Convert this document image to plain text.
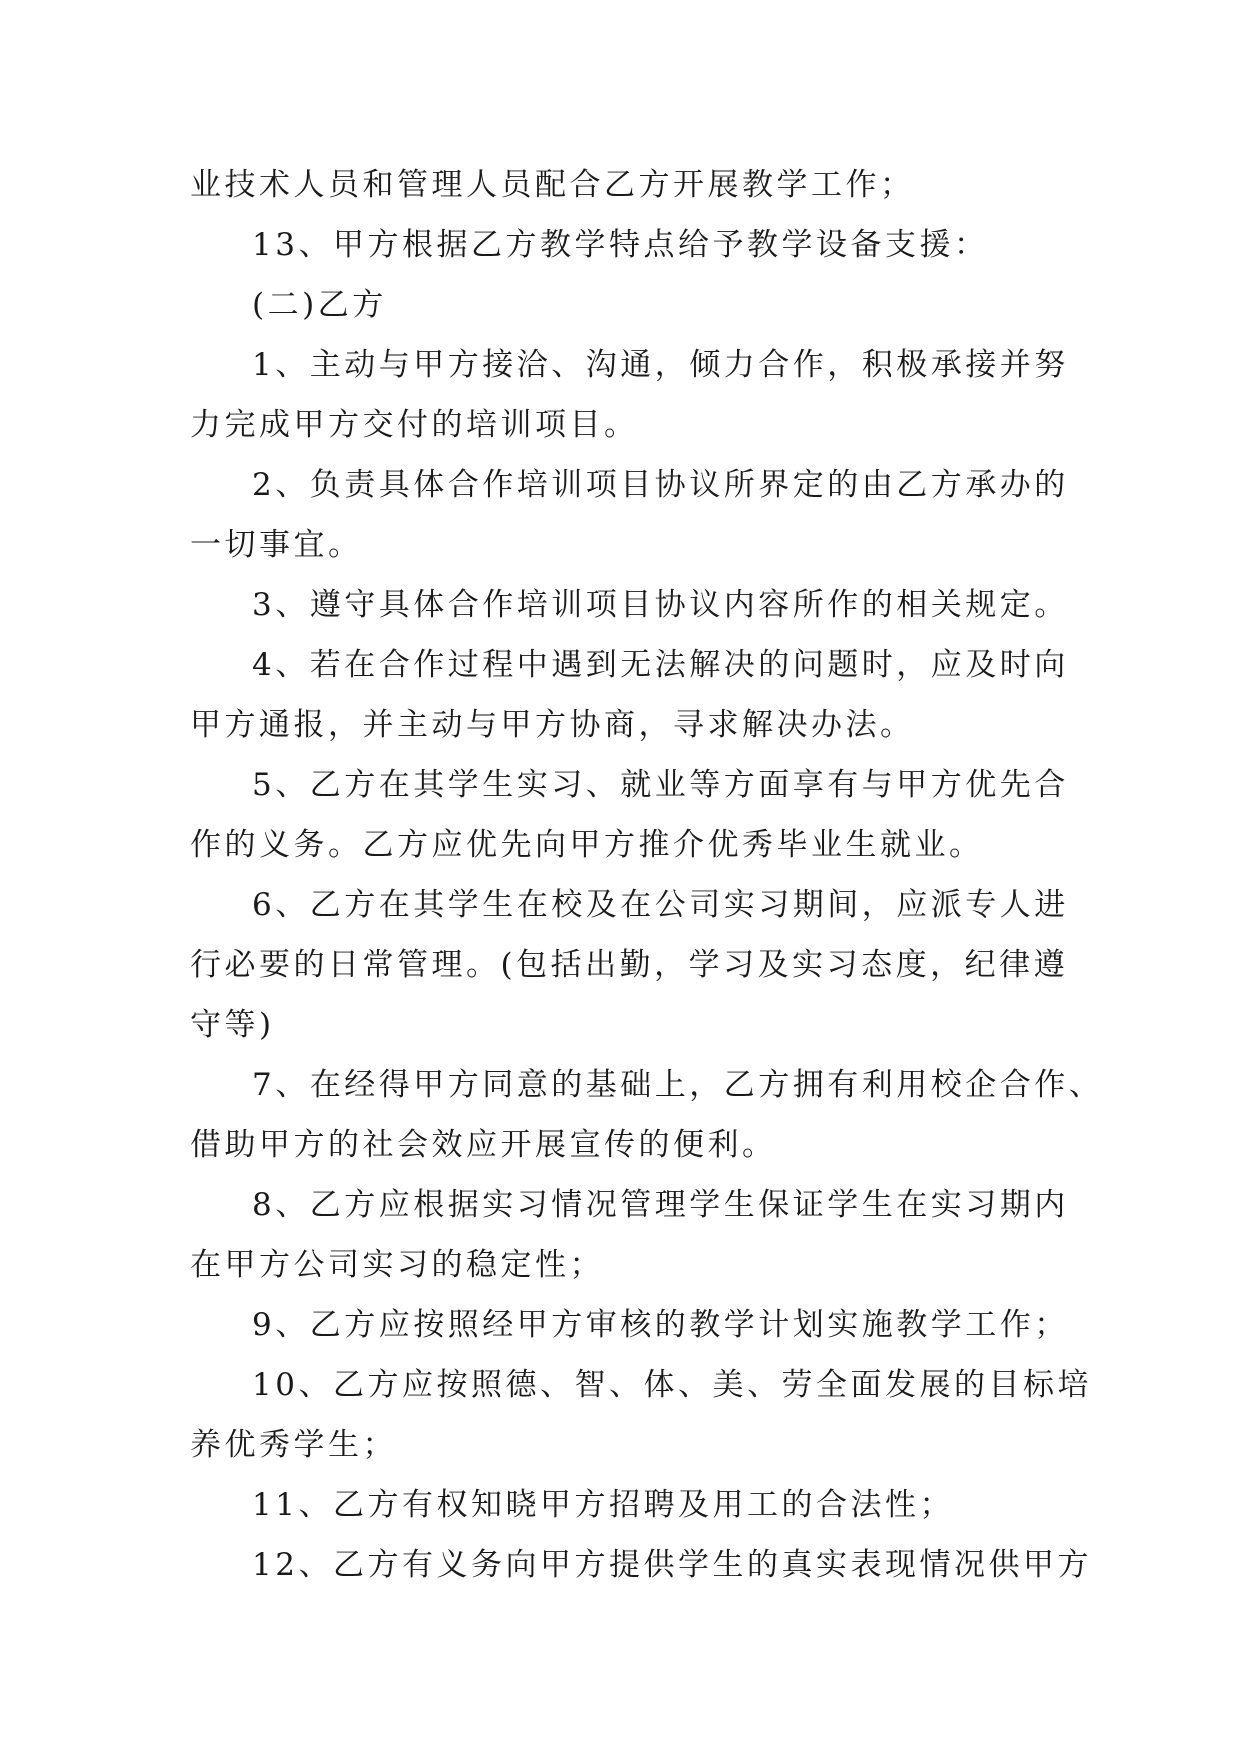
业技术人员和管理人员配合乙方开展教学工作；
13、甲方根据乙方教学特点给予教学设备支援：
(二)乙方
1、主动与甲方接洽、沟通，倾力合作，积极承接并努
力完成甲方交付的培训项目。
2、负责具体合作培训项目协议所界定的由乙方承办的
一切事宜。
3、遵守具体合作培训项目协议内容所作的相关规定。
4、若在合作过程中遇到无法解决的问题时，应及时向
甲方通报，并主动与甲方协商，寻求解决办法。
5、乙方在其学生实习、就业等方面享有与甲方优先合
作的义务。乙方应优先向甲方推介优秀毕业生就业。
6、乙方在其学生在校及在公司实习期间，应派专人进
行必要的日常管理。(包括出勤，学习及实习态度，纪律遵
守等)
7、在经得甲方同意的基础上，乙方拥有利用校企合作、
借助甲方的社会效应开展宣传的便利。
8、乙方应根据实习情况管理学生保证学生在实习期内
在甲方公司实习的稳定性；
9、乙方应按照经甲方审核的教学计划实施教学工作；
10、乙方应按照德、智、体、美、劳全面发展的目标培
养优秀学生；
11、乙方有权知晓甲方招聘及用工的合法性；
12、乙方有义务向甲方提供学生的真实表现情况供甲方
